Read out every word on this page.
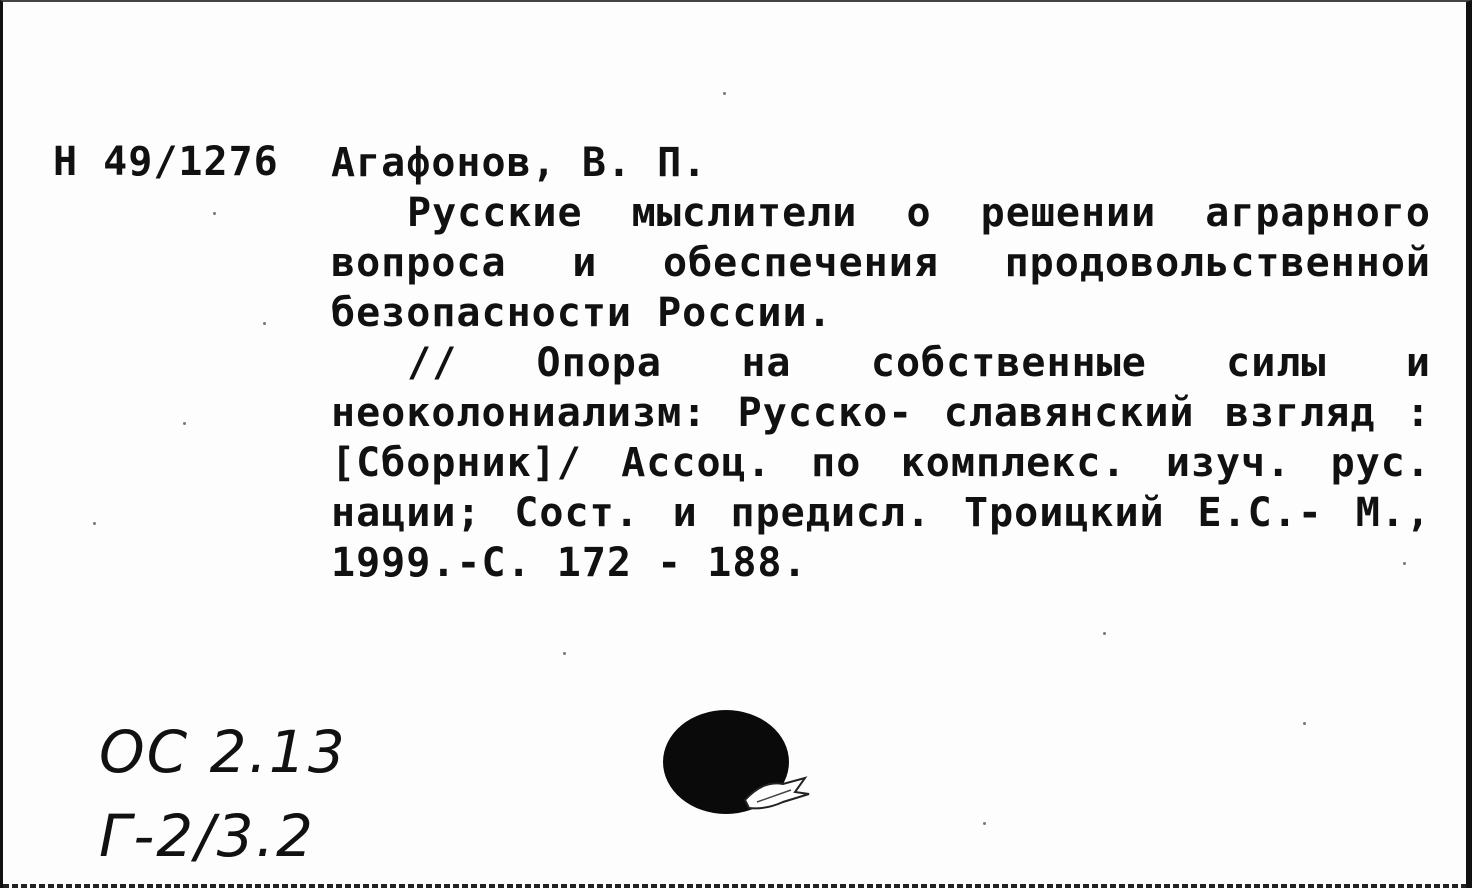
Н 49/1276 Агафонов, В. П.
Русские мыслители о решении аграрного
вопроса и обеспечения продовольственной
безопасности России.
// Опора на собственные силы и
неоколониализм: Русско- славянский взгляд :
[Сборник]/ Ассоц. по комплекс. изуч. рус.
нации; Сост. и предисл. Троицкий Е.С.- М.,
1999.-С. 172 - 188.
ОС 2.13
Г-2/3.2
